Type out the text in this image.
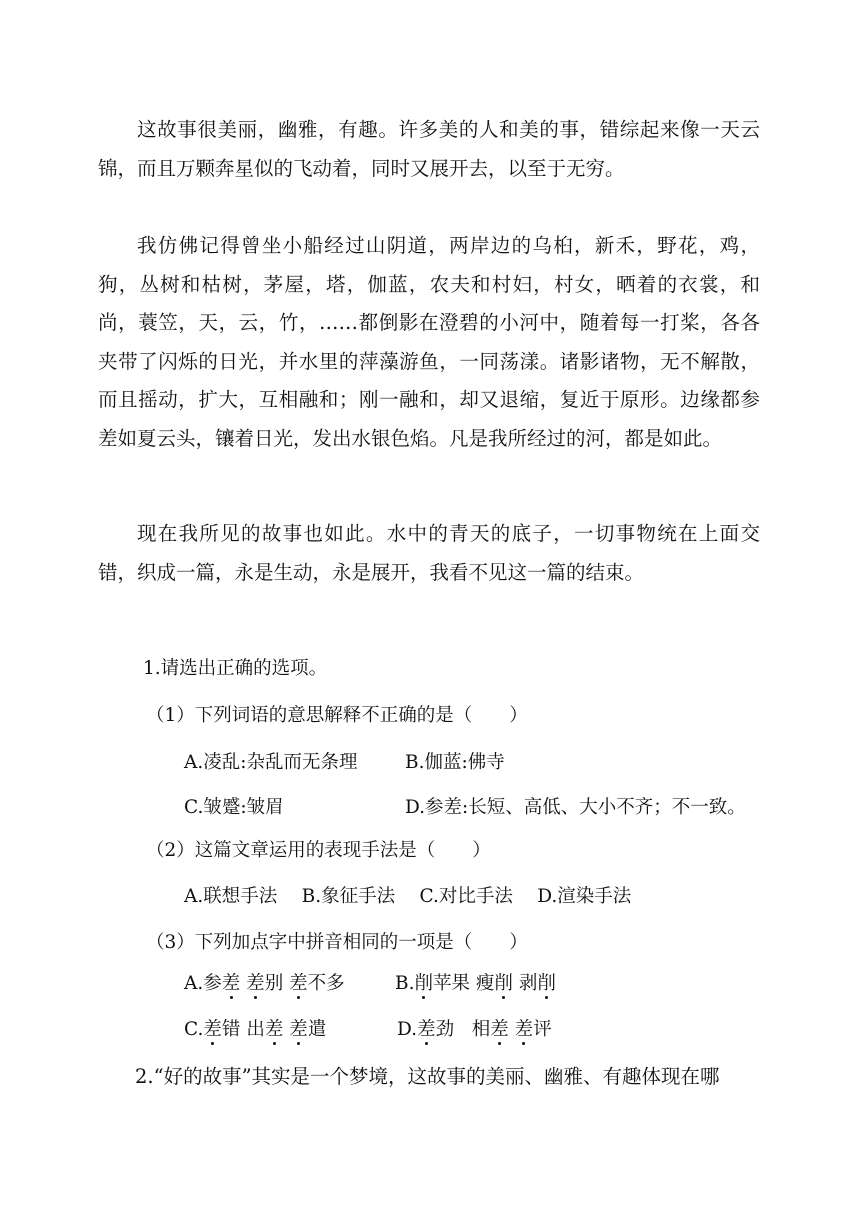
这故事很美丽，幽雅，有趣。许多美的人和美的事，错综起来像一天云锦，而且万颗奔星似的飞动着，同时又展开去，以至于无穷。

我仿佛记得曾坐小船经过山阴道，两岸边的乌桕，新禾，野花，鸡，狗，丛树和枯树，茅屋，塔，伽蓝，农夫和村妇，村女，晒着的衣裳，和尚，蓑笠，天，云，竹，……都倒影在澄碧的小河中，随着每一打桨，各各夹带了闪烁的日光，并水里的萍藻游鱼，一同荡漾。诸影诸物，无不解散，而且摇动，扩大，互相融和；刚一融和，却又退缩，复近于原形。边缘都参差如夏云头，镶着日光，发出水银色焰。凡是我所经过的河，都是如此。

现在我所见的故事也如此。水中的青天的底子，一切事物统在上面交错，织成一篇，永是生动，永是展开，我看不见这一篇的结束。

1.请选出正确的选项。

（1）下列词语的意思解释不正确的是（　　）

A.凌乱:杂乱而无条理	B.伽蓝:佛寺

C.皱蹙:皱眉	D.参差:长短、高低、大小不齐；不一致。

（2）这篇文章运用的表现手法是（　　）

A.联想手法　 B.象征手法　 C.对比手法　 D.渲染手法

（3）下列加点字中拼音相同的一项是（　　）

A.参差 差别 差不多	B.削苹果 瘦削 剥削

C.差错 出差 差遣	D.差劲 相差 差评

2.“好的故事”其实是一个梦境，这故事的美丽、幽雅、有趣体现在哪
